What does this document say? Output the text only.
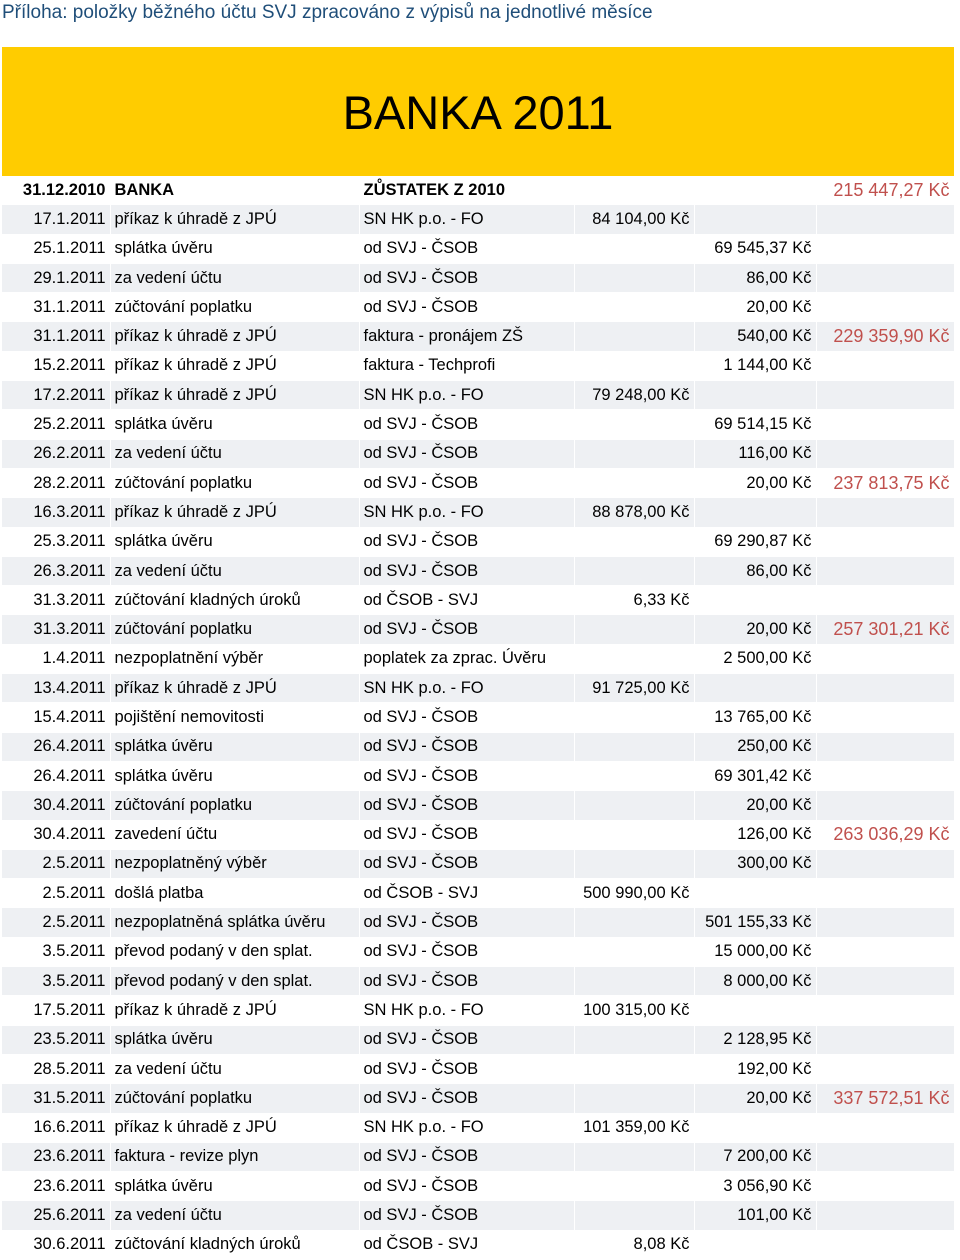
Příloha: položky běžného účtu SVJ zpracováno z výpisů na jednotlivé měsíce
BANKA 2011
31.12.2010	BANKA	ZŮSTATEK Z 2010			215 447,27 Kč
17.1.2011	příkaz k úhradě z JPÚ	SN HK p.o. - FO	84 104,00 Kč		
25.1.2011	splátka úvěru	od SVJ - ČSOB		69 545,37 Kč	
29.1.2011	za vedení účtu	od SVJ - ČSOB		86,00 Kč	
31.1.2011	zúčtování poplatku	od SVJ - ČSOB		20,00 Kč	
31.1.2011	příkaz k úhradě z JPÚ	faktura - pronájem ZŠ		540,00 Kč	229 359,90 Kč
15.2.2011	příkaz k úhradě z JPÚ	faktura - Techprofi		1 144,00 Kč	
17.2.2011	příkaz k úhradě z JPÚ	SN HK p.o. - FO	79 248,00 Kč		
25.2.2011	splátka úvěru	od SVJ - ČSOB		69 514,15 Kč	
26.2.2011	za vedení účtu	od SVJ - ČSOB		116,00 Kč	
28.2.2011	zúčtování poplatku	od SVJ - ČSOB		20,00 Kč	237 813,75 Kč
16.3.2011	příkaz k úhradě z JPÚ	SN HK p.o. - FO	88 878,00 Kč		
25.3.2011	splátka úvěru	od SVJ - ČSOB		69 290,87 Kč	
26.3.2011	za vedení účtu	od SVJ - ČSOB		86,00 Kč	
31.3.2011	zúčtování kladných úroků	od ČSOB - SVJ	6,33 Kč		
31.3.2011	zúčtování poplatku	od SVJ - ČSOB		20,00 Kč	257 301,21 Kč
1.4.2011	nezpoplatnění výběr	poplatek za zprac. Úvěru		2 500,00 Kč	
13.4.2011	příkaz k úhradě z JPÚ	SN HK p.o. - FO	91 725,00 Kč		
15.4.2011	pojištění nemovitosti	od SVJ - ČSOB		13 765,00 Kč	
26.4.2011	splátka úvěru	od SVJ - ČSOB		250,00 Kč	
26.4.2011	splátka úvěru	od SVJ - ČSOB		69 301,42 Kč	
30.4.2011	zúčtování poplatku	od SVJ - ČSOB		20,00 Kč	
30.4.2011	zavedení účtu	od SVJ - ČSOB		126,00 Kč	263 036,29 Kč
2.5.2011	nezpoplatněný výběr	od SVJ - ČSOB		300,00 Kč	
2.5.2011	došlá platba	od ČSOB - SVJ	500 990,00 Kč		
2.5.2011	nezpoplatněná splátka úvěru	od SVJ - ČSOB		501 155,33 Kč	
3.5.2011	převod podaný v den splat.	od SVJ - ČSOB		15 000,00 Kč	
3.5.2011	převod podaný v den splat.	od SVJ - ČSOB		8 000,00 Kč	
17.5.2011	příkaz k úhradě z JPÚ	SN HK p.o. - FO	100 315,00 Kč		
23.5.2011	splátka úvěru	od SVJ - ČSOB		2 128,95 Kč	
28.5.2011	za vedení účtu	od SVJ - ČSOB		192,00 Kč	
31.5.2011	zúčtování poplatku	od SVJ - ČSOB		20,00 Kč	337 572,51 Kč
16.6.2011	příkaz k úhradě z JPÚ	SN HK p.o. - FO	101 359,00 Kč		
23.6.2011	faktura - revize plyn	od SVJ - ČSOB		7 200,00 Kč	
23.6.2011	splátka úvěru	od SVJ - ČSOB		3 056,90 Kč	
25.6.2011	za vedení účtu	od SVJ - ČSOB		101,00 Kč	
30.6.2011	zúčtování kladných úroků	od ČSOB - SVJ	8,08 Kč		
